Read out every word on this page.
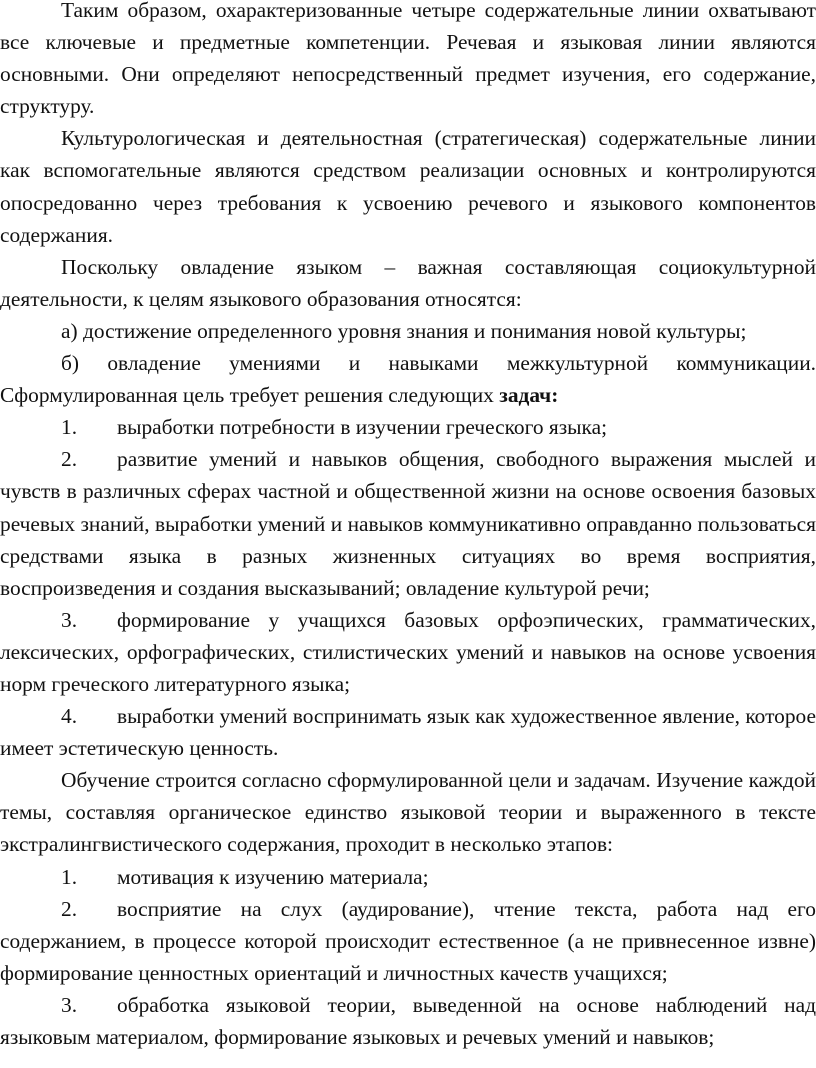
Таким образом, охарактеризованные четыре содержательные линии охватывают все ключевые и предметные компетенции. Речевая и языковая линии являются основными. Они определяют непосредственный предмет изучения, его содержание, структуру.

Культурологическая и деятельностная (стратегическая) содержательные линии как вспомогательные являются средством реализации основных и контролируются опосредованно через требования к усвоению речевого и языкового компонентов содержания.

Поскольку овладение языком – важная составляющая социокультурной деятельности, к целям языкового образования относятся:

а) достижение определенного уровня знания и понимания новой культуры;

б) овладение умениями и навыками межкультурной коммуникации. Сформулированная цель требует решения следующих задач:

1. выработки потребности в изучении греческого языка;

2. развитие умений и навыков общения, свободного выражения мыслей и чувств в различных сферах частной и общественной жизни на основе освоения базовых речевых знаний, выработки умений и навыков коммуникативно оправданно пользоваться средствами языка в разных жизненных ситуациях во время восприятия, воспроизведения и создания высказываний; овладение культурой речи;

3. формирование у учащихся базовых орфоэпических, грамматических, лексических, орфографических, стилистических умений и навыков на основе усвоения норм греческого литературного языка;

4. выработки умений воспринимать язык как художественное явление, которое имеет эстетическую ценность.

Обучение строится согласно сформулированной цели и задачам. Изучение каждой темы, составляя органическое единство языковой теории и выраженного в тексте экстралингвистического содержания, проходит в несколько этапов:

1. мотивация к изучению материала;

2. восприятие на слух (аудирование), чтение текста, работа над его содержанием, в процессе которой происходит естественное (а не привнесенное извне) формирование ценностных ориентаций и личностных качеств учащихся;

3. обработка языковой теории, выведенной на основе наблюдений над языковым материалом, формирование языковых и речевых умений и навыков;
